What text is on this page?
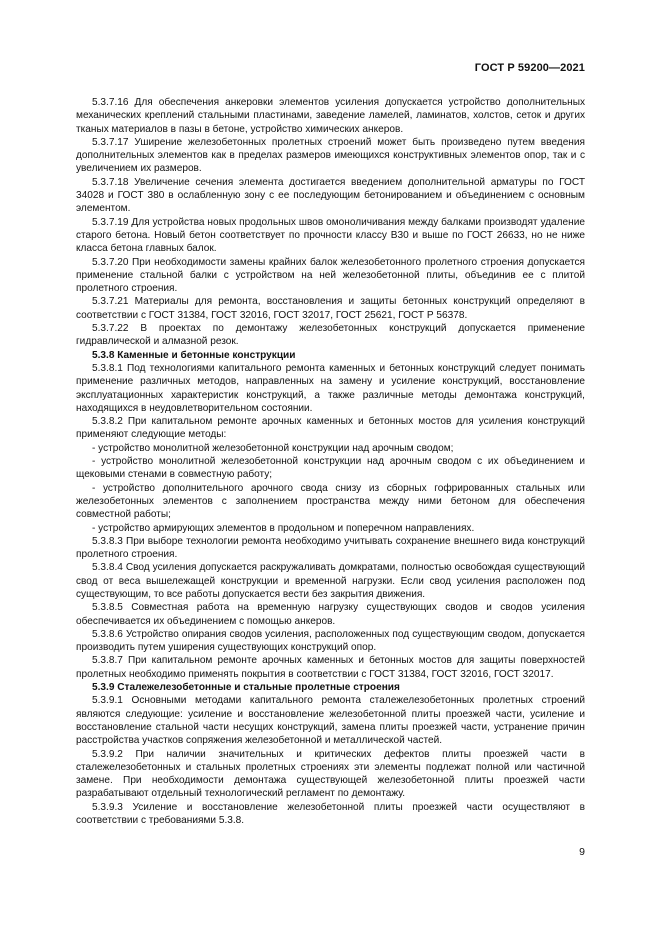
ГОСТ Р 59200—2021

5.3.7.16 Для обеспечения анкеровки элементов усиления допускается устройство дополнительных механических креплений стальными пластинами, заведение ламелей, ламинатов, холстов, сеток и других тканых материалов в пазы в бетоне, устройство химических анкеров.

5.3.7.17 Уширение железобетонных пролетных строений может быть произведено путем введения дополнительных элементов как в пределах размеров имеющихся конструктивных элементов опор, так и с увеличением их размеров.

5.3.7.18 Увеличение сечения элемента достигается введением дополнительной арматуры по ГОСТ 34028 и ГОСТ 380 в ослабленную зону с ее последующим бетонированием и объединением с основным элементом.

5.3.7.19 Для устройства новых продольных швов омоноличивания между балками производят удаление старого бетона. Новый бетон соответствует по прочности классу В30 и выше по ГОСТ 26633, но не ниже класса бетона главных балок.

5.3.7.20 При необходимости замены крайних балок железобетонного пролетного строения допускается применение стальной балки с устройством на ней железобетонной плиты, объединив ее с плитой пролетного строения.

5.3.7.21 Материалы для ремонта, восстановления и защиты бетонных конструкций определяют в соответствии с ГОСТ 31384, ГОСТ 32016, ГОСТ 32017, ГОСТ 25621, ГОСТ Р 56378.

5.3.7.22 В проектах по демонтажу железобетонных конструкций допускается применение гидравлической и алмазной резок.

5.3.8 Каменные и бетонные конструкции

5.3.8.1 Под технологиями капитального ремонта каменных и бетонных конструкций следует понимать применение различных методов, направленных на замену и усиление конструкций, восстановление эксплуатационных характеристик конструкций, а также различные методы демонтажа конструкций, находящихся в неудовлетворительном состоянии.

5.3.8.2 При капитальном ремонте арочных каменных и бетонных мостов для усиления конструкций применяют следующие методы:

- устройство монолитной железобетонной конструкции над арочным сводом;

- устройство монолитной железобетонной конструкции над арочным сводом с их объединением и щековыми стенами в совместную работу;

- устройство дополнительного арочного свода снизу из сборных гофрированных стальных или железобетонных элементов с заполнением пространства между ними бетоном для обеспечения совместной работы;

- устройство армирующих элементов в продольном и поперечном направлениях.

5.3.8.3 При выборе технологии ремонта необходимо учитывать сохранение внешнего вида конструкций пролетного строения.

5.3.8.4 Свод усиления допускается раскружаливать домкратами, полностью освобождая существующий свод от веса вышележащей конструкции и временной нагрузки. Если свод усиления расположен под существующим, то все работы допускается вести без закрытия движения.

5.3.8.5 Совместная работа на временную нагрузку существующих сводов и сводов усиления обеспечивается их объединением с помощью анкеров.

5.3.8.6 Устройство опирания сводов усиления, расположенных под существующим сводом, допускается производить путем уширения существующих конструкций опор.

5.3.8.7 При капитальном ремонте арочных каменных и бетонных мостов для защиты поверхностей пролетных необходимо применять покрытия в соответствии с ГОСТ 31384, ГОСТ 32016, ГОСТ 32017.

5.3.9 Сталежелезобетонные и стальные пролетные строения

5.3.9.1 Основными методами капитального ремонта сталежелезобетонных пролетных строений являются следующие: усиление и восстановление железобетонной плиты проезжей части, усиление и восстановление стальной части несущих конструкций, замена плиты проезжей части, устранение причин расстройства участков сопряжения железобетонной и металлической частей.

5.3.9.2 При наличии значительных и критических дефектов плиты проезжей части в сталежелезобетонных и стальных пролетных строениях эти элементы подлежат полной или частичной замене. При необходимости демонтажа существующей железобетонной плиты проезжей части разрабатывают отдельный технологический регламент по демонтажу.

5.3.9.3 Усиление и восстановление железобетонной плиты проезжей части осуществляют в соответствии с требованиями 5.3.8.

9
